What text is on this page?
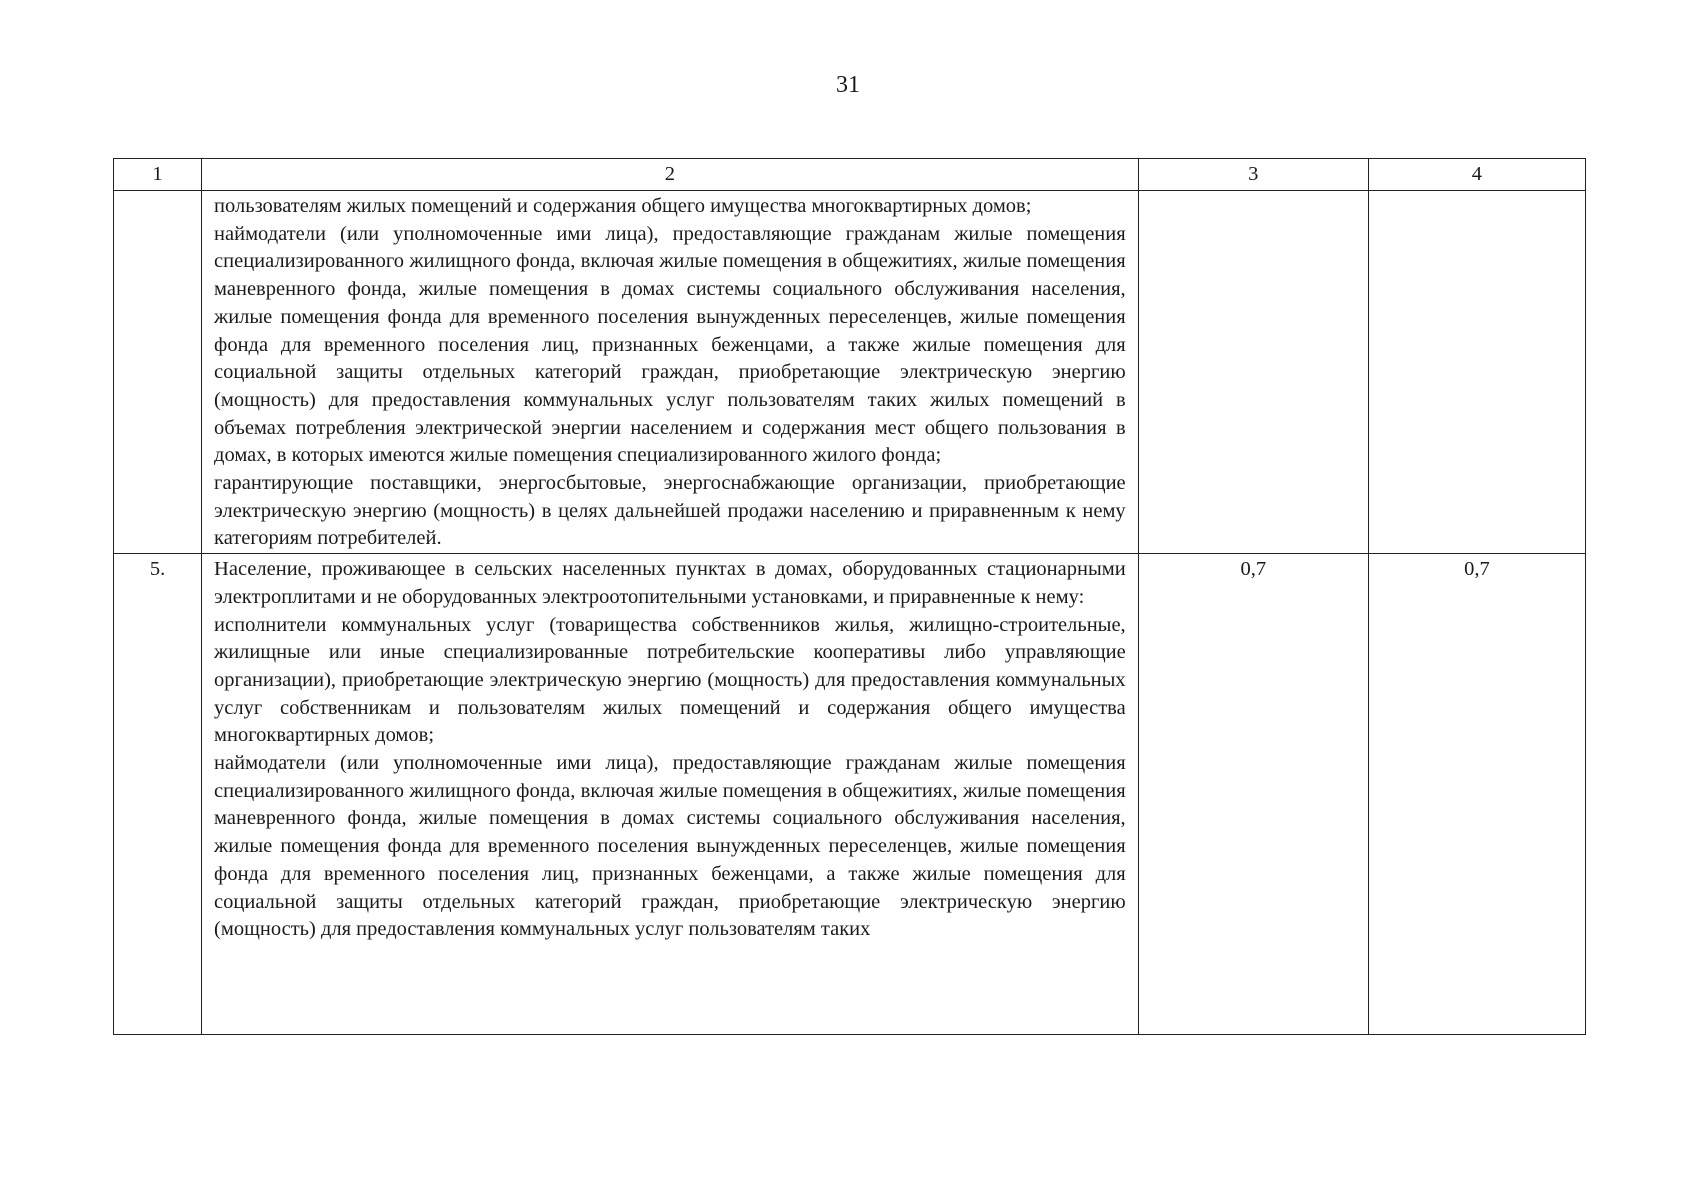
31
1	2	3	4

	пользователям жилых помещений и содержания общего имущества многоквартирных домов;

наймодатели (или уполномоченные ими лица), предоставляющие гражданам жилые помещения специализированного жилищного фонда, включая жилые помещения в общежитиях, жилые помещения маневренного фонда, жилые помещения в домах системы социального обслуживания населения, жилые помещения фонда для временного поселения вынужденных переселенцев, жилые помещения фонда для временного поселения лиц, признанных беженцами, а также жилые помещения для социальной защиты отдельных категорий граждан, приобретающие электрическую энергию (мощность) для предоставления коммунальных услуг пользователям таких жилых помещений в объемах потребления электрической энергии населением и содержания мест общего пользования в домах, в которых имеются жилые помещения специализированного жилого фонда;

гарантирующие поставщики, энергосбытовые, энергоснабжающие организации, приобретающие электрическую энергию (мощность) в целях дальнейшей продажи населению и приравненным к нему категориям потребителей.		

5.	Население, проживающее в сельских населенных пунктах в домах, оборудованных стационарными электроплитами и не оборудованных электроотопительными установками, и приравненные к нему:

исполнители коммунальных услуг (товарищества собственников жилья, жилищно-строительные, жилищные или иные специализированные потребительские кооперативы либо управляющие организации), приобретающие электрическую энергию (мощность) для предоставления коммунальных услуг собственникам и пользователям жилых помещений и содержания общего имущества многоквартирных домов;

наймодатели (или уполномоченные ими лица), предоставляющие гражданам жилые помещения специализированного жилищного фонда, включая жилые помещения в общежитиях, жилые помещения маневренного фонда, жилые помещения в домах системы социального обслуживания населения, жилые помещения фонда для временного поселения вынужденных переселенцев, жилые помещения фонда для временного поселения лиц, признанных беженцами, а также жилые помещения для социальной защиты отдельных категорий граждан, приобретающие электрическую энергию (мощность) для предоставления коммунальных услуг пользователям таких	0,7	0,7
